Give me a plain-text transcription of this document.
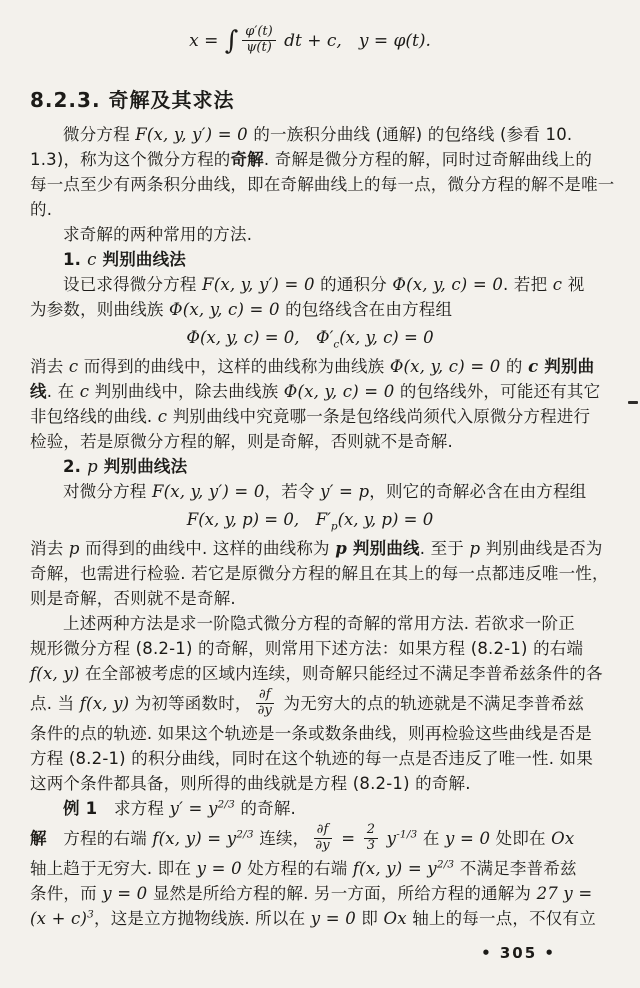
x = ∫ $\frac{\varphi'(t)}{\psi(t)}$ dt + c,　y = φ(t).
8.2.3. 奇解及其求法
微分方程 F(x, y, y′) = 0 的一族积分曲线 (通解) 的包络线 (参看 10.
1.3)，称为这个微分方程的奇解. 奇解是微分方程的解，同时过奇解曲线上的
每一点至少有两条积分曲线，即在奇解曲线上的每一点，微分方程的解不是唯一
的.
求奇解的两种常用的方法.
1. c 判别曲线法
设已求得微分方程 F(x, y, y′) = 0 的通积分 Φ(x, y, c) = 0. 若把 c 视
为参数，则曲线族 Φ(x, y, c) = 0 的包络线含在由方程组
Φ(x, y, c) = 0,　$\Phi'_c(x$, y, c) = 0
消去 c 而得到的曲线中，这样的曲线称为曲线族 Φ(x, y, c) = 0 的 c 判别曲
线. 在 c 判别曲线中，除去曲线族 Φ(x, y, c) = 0 的包络线外，可能还有其它
非包络线的曲线. c 判别曲线中究竟哪一条是包络线尚须代入原微分方程进行
检验，若是原微分方程的解，则是奇解，否则就不是奇解.
2. p 判别曲线法
对微分方程 F(x, y, y′) = 0，若令 y′ = p，则它的奇解必含在由方程组
F(x, y, p) = 0,　$F'_p(x$, y, p) = 0
消去 p 而得到的曲线中. 这样的曲线称为 p 判别曲线. 至于 p 判别曲线是否为
奇解，也需进行检验. 若它是原微分方程的解且在其上的每一点都违反唯一性，
则是奇解，否则就不是奇解.
上述两种方法是求一阶隐式微分方程的奇解的常用方法. 若欲求一阶正
规形微分方程 (8.2-1) 的奇解，则常用下述方法：如果方程 (8.2-1) 的右端
f(x, y) 在全部被考虑的区域内连续，则奇解只能经过不满足李普希兹条件的各
点. 当 f(x, y) 为初等函数时， $\frac{\partial f}{\partial y}$ 为无穷大的点的轨迹就是不满足李普希兹
条件的点的轨迹. 如果这个轨迹是一条或数条曲线，则再检验这些曲线是否是
方程 (8.2-1) 的积分曲线，同时在这个轨迹的每一点是否违反了唯一性. 如果
这两个条件都具备，则所得的曲线就是方程 (8.2-1) 的奇解.
例 1　求方程 $y' = y^{2/3}$ 的奇解.
解　方程的右端 f(x, $y) = y^{2/3}$ 连续， $\frac{\partial f}{\partial y} = \frac{2}{3} y^{-1/3}$ 在 y = 0 处即在 Ox
轴上趋于无穷大. 即在 y = 0 处方程的右端 f(x, $y) = y^{2/3}$ 不满足李普希兹
条件，而 y = 0 显然是所给方程的解. 另一方面，所给方程的通解为 27 y =
$(x + c)^3$，这是立方抛物线族. 所以在 y = 0 即 Ox 轴上的每一点，不仅有立
• 305 •
